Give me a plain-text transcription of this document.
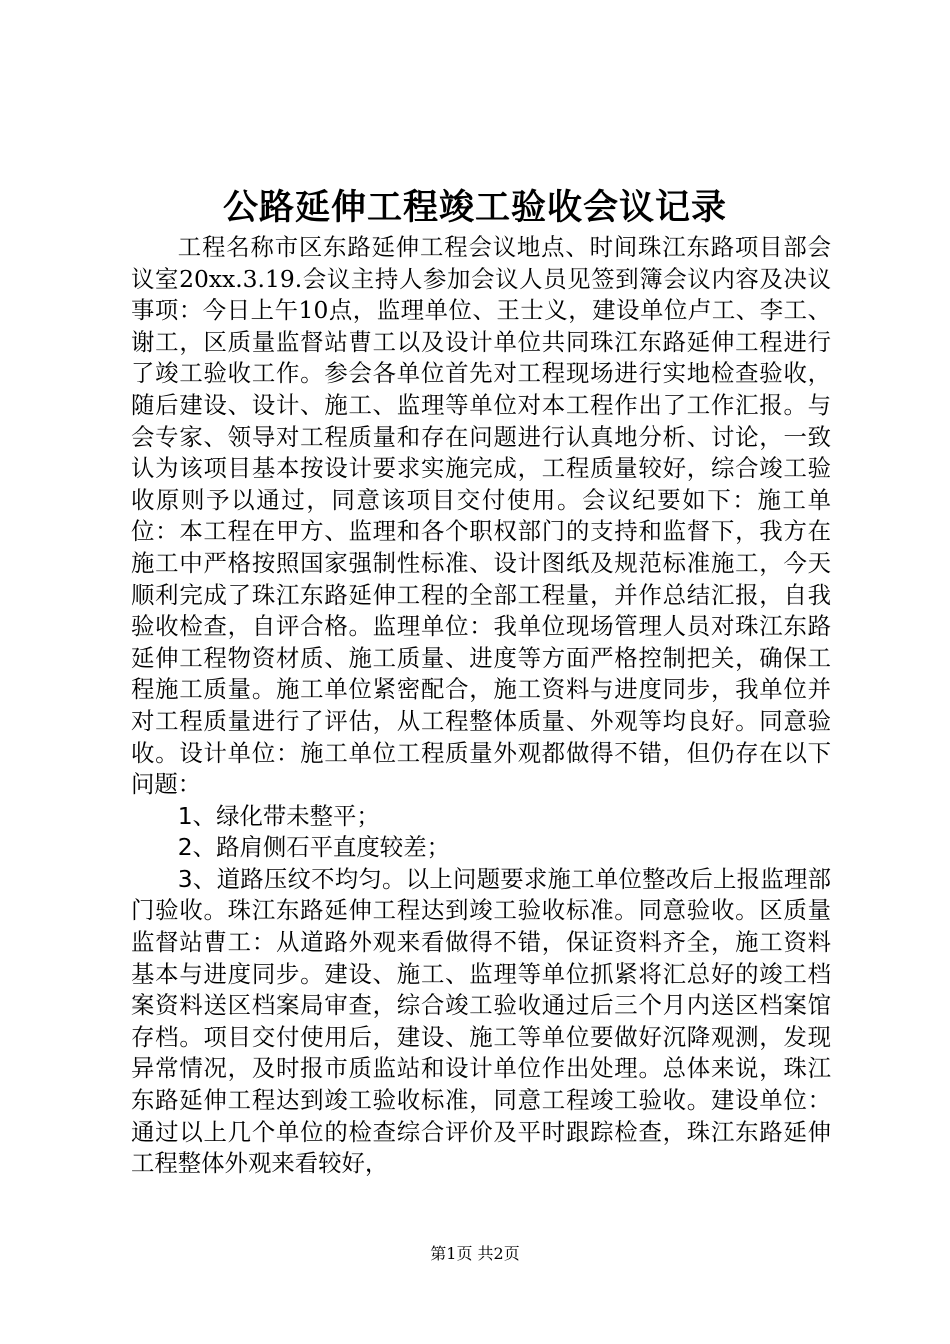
公路延伸工程竣工验收会议记录

工程名称市区东路延伸工程会议地点、时间珠江东路项目部会议室20xx.3.19.会议主持人参加会议人员见签到簿会议内容及决议事项：今日上午10点，监理单位、王士义，建设单位卢工、李工、谢工，区质量监督站曹工以及设计单位共同珠江东路延伸工程进行了竣工验收工作。参会各单位首先对工程现场进行实地检查验收，随后建设、设计、施工、监理等单位对本工程作出了工作汇报。与会专家、领导对工程质量和存在问题进行认真地分析、讨论，一致认为该项目基本按设计要求实施完成，工程质量较好，综合竣工验收原则予以通过，同意该项目交付使用。会议纪要如下：施工单位：本工程在甲方、监理和各个职权部门的支持和监督下，我方在施工中严格按照国家强制性标准、设计图纸及规范标准施工，今天顺利完成了珠江东路延伸工程的全部工程量，并作总结汇报，自我验收检查，自评合格。监理单位：我单位现场管理人员对珠江东路延伸工程物资材质、施工质量、进度等方面严格控制把关，确保工程施工质量。施工单位紧密配合，施工资料与进度同步，我单位并对工程质量进行了评估，从工程整体质量、外观等均良好。同意验收。设计单位：施工单位工程质量外观都做得不错，但仍存在以下问题：

1、绿化带未整平；

2、路肩侧石平直度较差；

3、道路压纹不均匀。以上问题要求施工单位整改后上报监理部门验收。珠江东路延伸工程达到竣工验收标准。同意验收。区质量监督站曹工：从道路外观来看做得不错，保证资料齐全，施工资料基本与进度同步。建设、施工、监理等单位抓紧将汇总好的竣工档案资料送区档案局审查，综合竣工验收通过后三个月内送区档案馆存档。项目交付使用后，建设、施工等单位要做好沉降观测，发现异常情况，及时报市质监站和设计单位作出处理。总体来说，珠江东路延伸工程达到竣工验收标准，同意工程竣工验收。建设单位：通过以上几个单位的检查综合评价及平时跟踪检查，珠江东路延伸工程整体外观来看较好，

第1页 共2页
